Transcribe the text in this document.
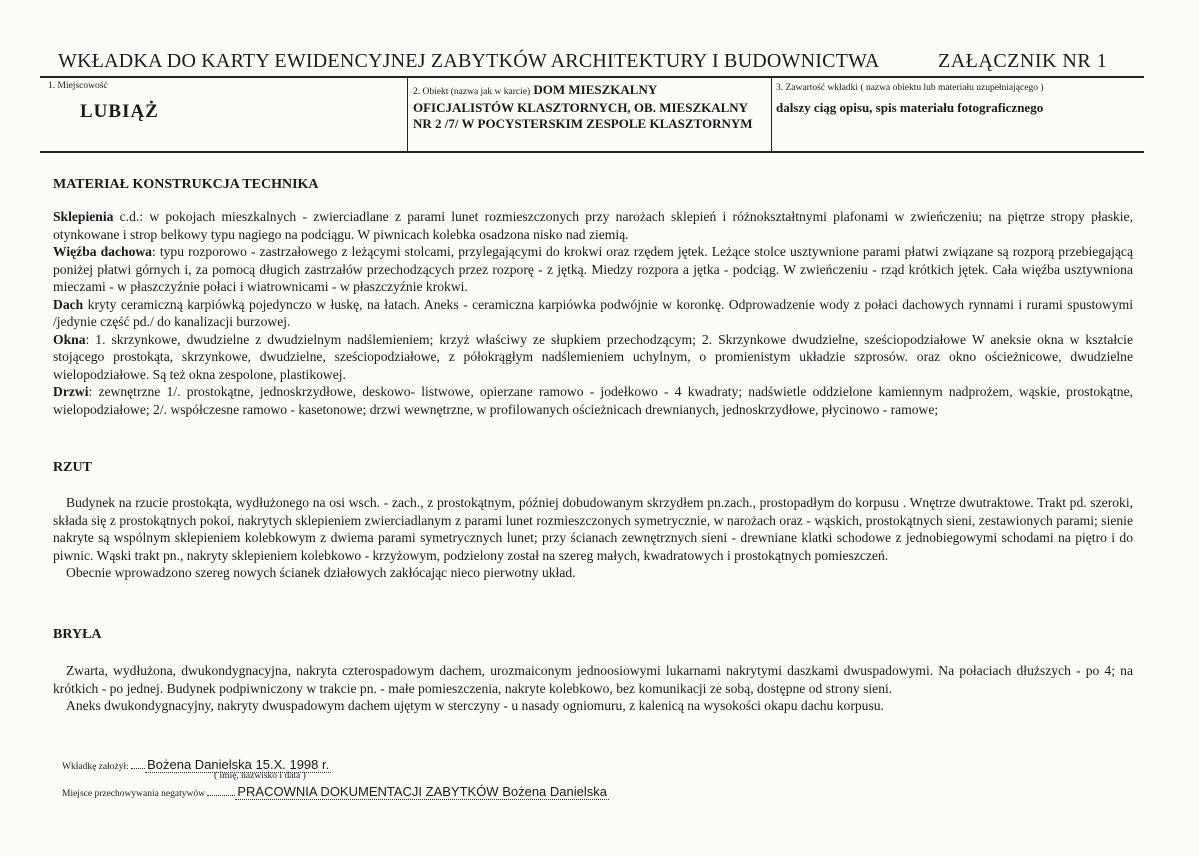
WKŁADKA DO KARTY EWIDENCYJNEJ ZABYTKÓW ARCHITEKTURY I BUDOWNICTWA	ZAŁĄCZNIK NR 1
1. Miejscowość
LUBIĄŻ
2. Obiekt (nazwa jak w karcie) DOM MIESZKALNY
OFICJALISTÓW KLASZTORNYCH, OB. MIESZKALNY NR 2 /7/ W POCYSTERSKIM ZESPOLE KLASZTORNYM
3. Zawartość wkładki ( nazwa obiektu lub materiału uzupełniającego )
dalszy ciąg opisu, spis materiału fotograficznego
MATERIAŁ KONSTRUKCJA TECHNIKA

Sklepienia c.d.: w pokojach mieszkalnych - zwierciadlane z parami lunet rozmieszczonych przy narożach sklepień i różnokształtnymi plafonami w zwieńczeniu; na piętrze stropy płaskie, otynkowane i strop belkowy typu nagiego na podciągu. W piwnicach kolebka osadzona nisko nad ziemią.

Więźba dachowa: typu rozporowo - zastrzałowego z leżącymi stolcami, przylegającymi do krokwi oraz rzędem jętek. Leżące stolce usztywnione parami płatwi związane są rozporą przebiegającą poniżej płatwi górnych i, za pomocą długich zastrzałów przechodzących przez rozporę - z jętką. Miedzy rozpora a jętka - podciąg. W zwieńczeniu - rząd krótkich jętek. Cała więźba usztywniona mieczami - w płaszczyźnie połaci i wiatrownicami - w płaszczyźnie krokwi.

Dach kryty ceramiczną karpiówką pojedynczo w łuskę, na łatach. Aneks - ceramiczna karpiówka podwójnie w koronkę. Odprowadzenie wody z połaci dachowych rynnami i rurami spustowymi /jedynie część pd./ do kanalizacji burzowej.

Okna: 1. skrzynkowe, dwudzielne z dwudzielnym nadślemieniem; krzyż właściwy ze słupkiem przechodzącym; 2. Skrzynkowe dwudzielne, sześciopodziałowe W aneksie okna w kształcie stojącego prostokąta, skrzynkowe, dwudzielne, sześciopodziałowe, z półokrągłym nadślemieniem uchylnym, o promienistym układzie szprosów. oraz okno ościeżnicowe, dwudzielne wielopodziałowe. Są też okna zespolone, plastikowej.

Drzwi: zewnętrzne 1/. prostokątne, jednoskrzydłowe, deskowo- listwowe, opierzane ramowo - jodełkowo - 4 kwadraty; nadświetle oddzielone kamiennym nadprożem, wąskie, prostokątne, wielopodziałowe; 2/. współczesne ramowo - kasetonowe; drzwi wewnętrzne, w profilowanych ościeżnicach drewnianych, jednoskrzydłowe, płycinowo - ramowe;

RZUT

Budynek na rzucie prostokąta, wydłużonego na osi wsch. - zach., z prostokątnym, później dobudowanym skrzydłem pn.zach., prostopadłym do korpusu . Wnętrze dwutraktowe. Trakt pd. szeroki, składa się z prostokątnych pokoi, nakrytych sklepieniem zwierciadlanym z parami lunet rozmieszczonych symetrycznie, w narożach oraz - wąskich, prostokątnych sieni, zestawionych parami; sienie nakryte są wspólnym sklepieniem kolebkowym z dwiema parami symetrycznych lunet; przy ścianach zewnętrznych sieni - drewniane klatki schodowe z jednobiegowymi schodami na piętro i do piwnic. Wąski trakt pn., nakryty sklepieniem kolebkowo - krzyżowym, podzielony został na szereg małych, kwadratowych i prostokątnych pomieszczeń.

Obecnie wprowadzono szereg nowych ścianek działowych zakłócając nieco pierwotny układ.

BRYŁA

Zwarta, wydłużona, dwukondygnacyjna, nakryta czterospadowym dachem, urozmaiconym jednoosiowymi lukarnami nakrytymi daszkami dwuspadowymi. Na połaciach dłuższych - po 4; na krótkich - po jednej. Budynek podpiwniczony w trakcie pn. - małe pomieszczenia, nakryte kolebkowo, bez komunikacji ze sobą, dostępne od strony sieni.

Aneks dwukondygnacyjny, nakryty dwuspadowym dachem ujętym w sterczyny - u nasady ogniomuru, z kalenicą na wysokości okapu dachu korpusu.

Wkładkę założył: Bożena Danielska 15.X. 1998 r.
( imię, nazwisko i data )
Miejsce przechowywania negatywów PRACOWNIA DOKUMENTACJI ZABYTKÓW Bożena Danielska
